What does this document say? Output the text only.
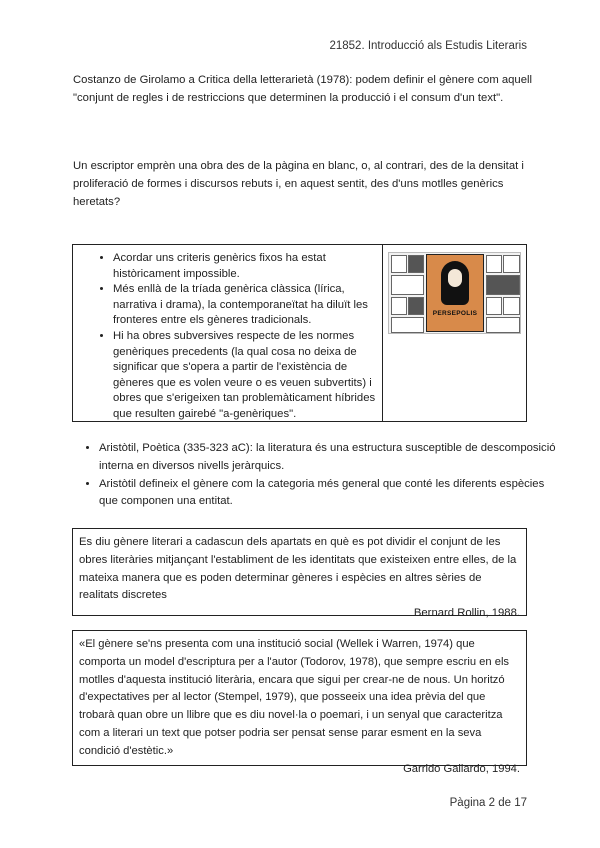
21852. Introducció als Estudis Literaris

Costanzo de Girolamo a Critica della letterarietà (1978): podem definir el gènere com aquell "conjunt de regles i de restriccions que determinen la producció i el consum d'un text".

Un escriptor emprèn una obra des de la pàgina en blanc, o, al contrari, des de la densitat i proliferació de formes i discursos rebuts i, en aquest sentit, des d'uns motlles genèrics heretats?

• Acordar uns criteris genèrics fixos ha estat històricament impossible.
• Més enllà de la tríada genèrica clàssica (lírica, narrativa i drama), la contemporaneïtat ha diluït les fronteres entre els gèneres tradicionals.
• Hi ha obres subversives respecte de les normes genèriques precedents (la qual cosa no deixa de significar que s'opera a partir de l'existència de gèneres que es volen veure o es veuen subvertits) i obres que s'erigeixen tan problemàticament híbrides que resulten gairebé "a-genèriques".
PERSEPOLIS
• Aristòtil, Poètica (335-323 aC): la literatura és una estructura susceptible de descomposició interna en diversos nivells jeràrquics.
• Aristòtil defineix el gènere com la categoria més general que conté les diferents espècies que componen una entitat.
Es diu gènere literari a cadascun dels apartats en què es pot dividir el conjunt de les obres literàries mitjançant l'establiment de les identitats que existeixen entre elles, de la mateixa manera que es poden determinar gèneres i espècies en altres sèries de realitats discretes
Bernard Rollin, 1988.
«El gènere se'ns presenta com una institució social (Wellek i Warren, 1974) que comporta un model d'escriptura per a l'autor (Todorov, 1978), que sempre escriu en els motlles d'aquesta institució literària, encara que sigui per crear-ne de nous. Un horitzó d'expectatives per al lector (Stempel, 1979), que posseeix una idea prèvia del que trobarà quan obre un llibre que es diu novel·la o poemari, i un senyal que caracteritza com a literari un text que potser podria ser pensat sense parar esment en la seva condició d'estètic.»
Garrido Gallardo, 1994.
Pàgina 2 de 17
